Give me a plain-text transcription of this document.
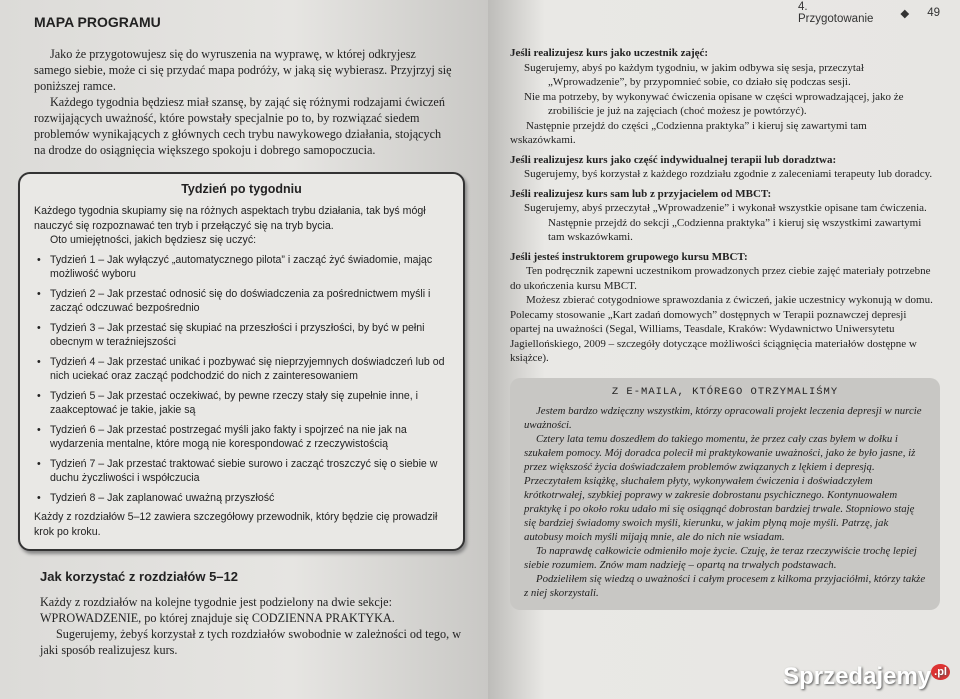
MAPA PROGRAMU

Jako że przygotowujesz się do wyruszenia na wyprawę, w której odkryjesz samego siebie, może ci się przydać mapa podróży, w jaką się wybierasz. Przyjrzyj się poniższej ramce.

Każdego tygodnia będziesz miał szansę, by zająć się różnymi rodzajami ćwiczeń rozwijających uważność, które powstały specjalnie po to, by rozwiązać siedem problemów wynikających z głównych cech trybu nawykowego działania, stojących na drodze do osiągnięcia większego spokoju i dobrego samopoczucia.

Tydzień po tygodniu

Każdego tygodnia skupiamy się na różnych aspektach trybu działania, tak byś mógł nauczyć się rozpoznawać ten tryb i przełączyć się na tryb bycia.

Oto umiejętności, jakich będziesz się uczyć:

• Tydzień 1 – Jak wyłączyć „automatycznego pilota” i zacząć żyć świadomie, mając możliwość wyboru
• Tydzień 2 – Jak przestać odnosić się do doświadczenia za pośrednictwem myśli i zacząć odczuwać bezpośrednio
• Tydzień 3 – Jak przestać się skupiać na przeszłości i przyszłości, by być w pełni obecnym w teraźniejszości
• Tydzień 4 – Jak przestać unikać i pozbywać się nieprzyjemnych doświadczeń lub od nich uciekać oraz zacząć podchodzić do nich z zainteresowaniem
• Tydzień 5 – Jak przestać oczekiwać, by pewne rzeczy stały się zupełnie inne, i zaakceptować je takie, jakie są
• Tydzień 6 – Jak przestać postrzegać myśli jako fakty i spojrzeć na nie jak na wydarzenia mentalne, które mogą nie korespondować z rzeczywistością
• Tydzień 7 – Jak przestać traktować siebie surowo i zacząć troszczyć się o siebie w duchu życzliwości i współczucia
• Tydzień 8 – Jak zaplanować uważną przyszłość

Każdy z rozdziałów 5–12 zawiera szczegółowy przewodnik, który będzie cię prowadził krok po kroku.

Jak korzystać z rozdziałów 5–12

Każdy z rozdziałów na kolejne tygodnie jest podzielony na dwie sekcje: WPROWADZENIE, po której znajduje się CODZIENNA PRAKTYKA.

Sugerujemy, żebyś korzystał z tych rozdziałów swobodnie w zależności od tego, w jaki sposób realizujesz kurs.

4. Przygotowanie	◆ 49

Jeśli realizujesz kurs jako uczestnik zajęć:

Sugerujemy, abyś po każdym tygodniu, w jakim odbywa się sesja, przeczytał „Wprowadzenie”, by przypomnieć sobie, co działo się podczas sesji.

Nie ma potrzeby, by wykonywać ćwiczenia opisane w części wprowadzającej, jako że zrobiliście je już na zajęciach (choć możesz je powtórzyć).

Następnie przejdź do części „Codzienna praktyka” i kieruj się zawartymi tam wskazówkami.

Jeśli realizujesz kurs jako część indywidualnej terapii lub doradztwa:

Sugerujemy, byś korzystał z każdego rozdziału zgodnie z zaleceniami terapeuty lub doradcy.

Jeśli realizujesz kurs sam lub z przyjacielem od MBCT:

Sugerujemy, abyś przeczytał „Wprowadzenie” i wykonał wszystkie opisane tam ćwiczenia. Następnie przejdź do sekcji „Codzienna praktyka” i kieruj się wszystkimi zawartymi tam wskazówkami.

Jeśli jesteś instruktorem grupowego kursu MBCT:

Ten podręcznik zapewni uczestnikom prowadzonych przez ciebie zajęć materiały potrzebne do ukończenia kursu MBCT.

Możesz zbierać cotygodniowe sprawozdania z ćwiczeń, jakie uczestnicy wykonują w domu. Polecamy stosowanie „Kart zadań domowych” dostępnych w Terapii poznawczej depresji opartej na uważności (Segal, Williams, Teasdale, Kraków: Wydawnictwo Uniwersytetu Jagiellońskiego, 2009 – szczegóły dotyczące możliwości ściągnięcia materiałów dostępne w książce).

Z E-MAILA, KTÓREGO OTRZYMALIŚMY

Jestem bardzo wdzięczny wszystkim, którzy opracowali projekt leczenia depresji w nurcie uważności.

Cztery lata temu doszedłem do takiego momentu, że przez cały czas byłem w dołku i szukałem pomocy. Mój doradca polecił mi praktykowanie uważności, jako że było jasne, iż przez większość życia doświadczałem problemów związanych z lękiem i depresją. Przeczytałem książkę, słuchałem płyty, wykonywałem ćwiczenia i doświadczyłem krótkotrwałej, szybkiej poprawy w zakresie dobrostanu psychicznego. Kontynuowałem praktykę i po około roku udało mi się osiągnąć dobrostan bardziej trwale. Stopniowo staję się bardziej świadomy swoich myśli, kierunku, w jakim płyną moje myśli. Patrzę, jak autobusy moich myśli mijają mnie, ale do nich nie wsiadam.

To naprawdę całkowicie odmieniło moje życie. Czuję, że teraz rzeczywiście trochę lepiej siebie rozumiem. Znów mam nadzieję – opartą na trwałych podstawach.

Podzieliłem się wiedzą o uważności i całym procesem z kilkoma przyjaciółmi, którzy także z niej skorzystali.

Sprzedajemy $^{.pl}$
